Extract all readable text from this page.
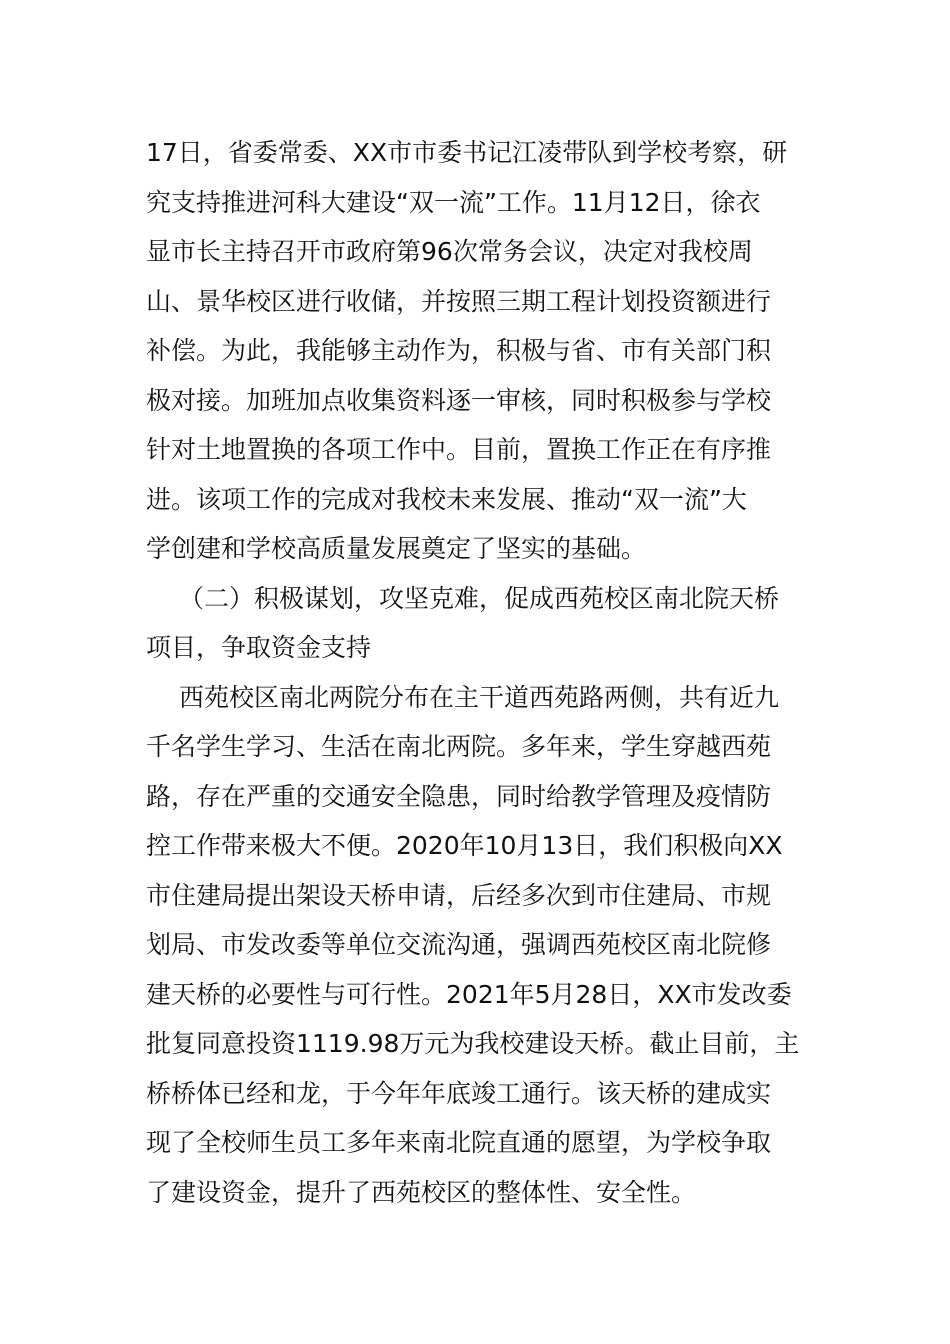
17日，省委常委、XX市市委书记江凌带队到学校考察，研
究支持推进河科大建设“双一流”工作。11月12日，徐衣
显市长主持召开市政府第96次常务会议，决定对我校周
山、景华校区进行收储，并按照三期工程计划投资额进行
补偿。为此，我能够主动作为，积极与省、市有关部门积
极对接。加班加点收集资料逐一审核，同时积极参与学校
针对土地置换的各项工作中。目前，置换工作正在有序推
进。该项工作的完成对我校未来发展、推动“双一流”大
学创建和学校高质量发展奠定了坚实的基础。
（二）积极谋划，攻坚克难，促成西苑校区南北院天桥
项目，争取资金支持
西苑校区南北两院分布在主干道西苑路两侧，共有近九
千名学生学习、生活在南北两院。多年来，学生穿越西苑
路，存在严重的交通安全隐患，同时给教学管理及疫情防
控工作带来极大不便。2020年10月13日，我们积极向XX
市住建局提出架设天桥申请，后经多次到市住建局、市规
划局、市发改委等单位交流沟通，强调西苑校区南北院修
建天桥的必要性与可行性。2021年5月28日，XX市发改委
批复同意投资1119.98万元为我校建设天桥。截止目前，主
桥桥体已经和龙，于今年年底竣工通行。该天桥的建成实
现了全校师生员工多年来南北院直通的愿望，为学校争取
了建设资金，提升了西苑校区的整体性、安全性。
